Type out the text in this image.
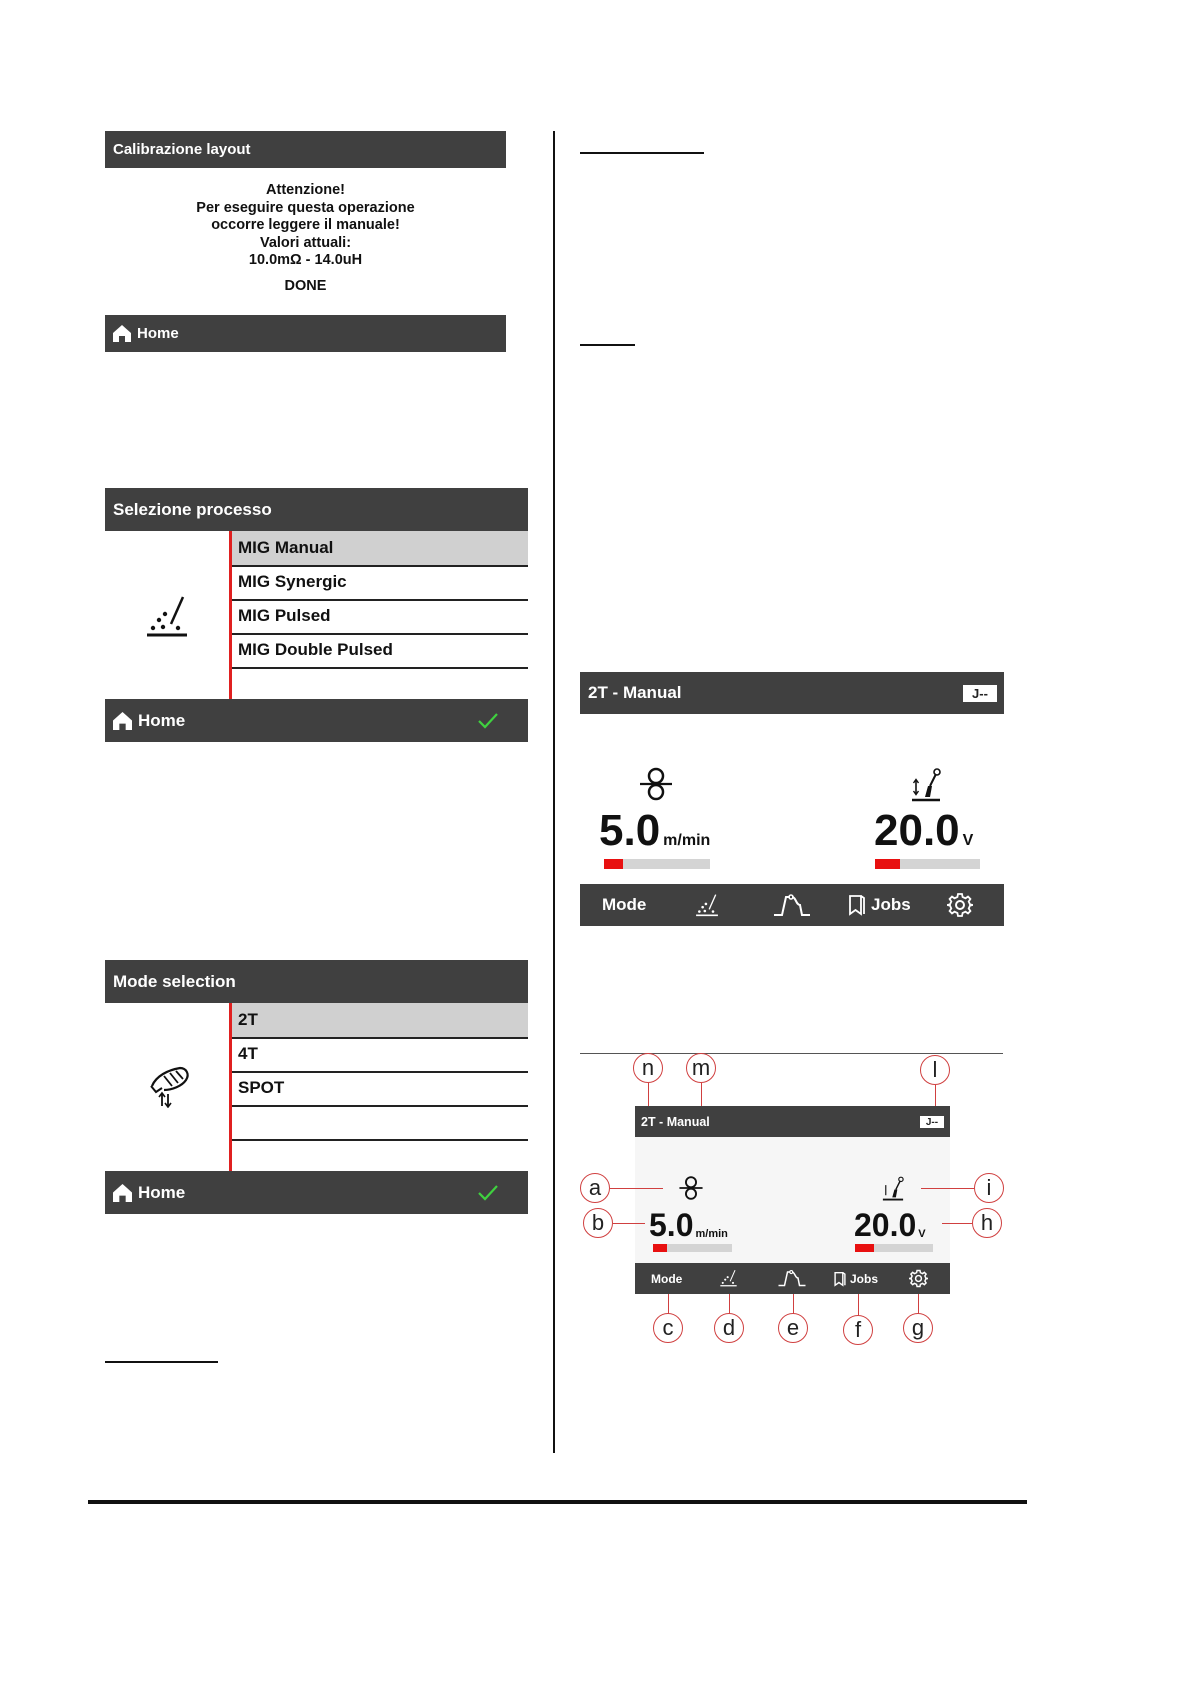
Calibrazione layout
Attenzione!
Per eseguire questa operazione
occorre leggere il manuale!
Valori attuali:
10.0mΩ - 14.0uH
DONE
Home
Selezione processo
MIG Manual
MIG Synergic
MIG Pulsed
MIG Double Pulsed
Home
Mode selection
2T
4T
SPOT
Home
2T - Manual	J--
5.0 m/min	20.0 V
Mode	Jobs
2T - Manual	J--
5.0 m/min	20.0 V
Mode	Jobs
n	m	l
a
b
i
h
c	d	e	f	g
